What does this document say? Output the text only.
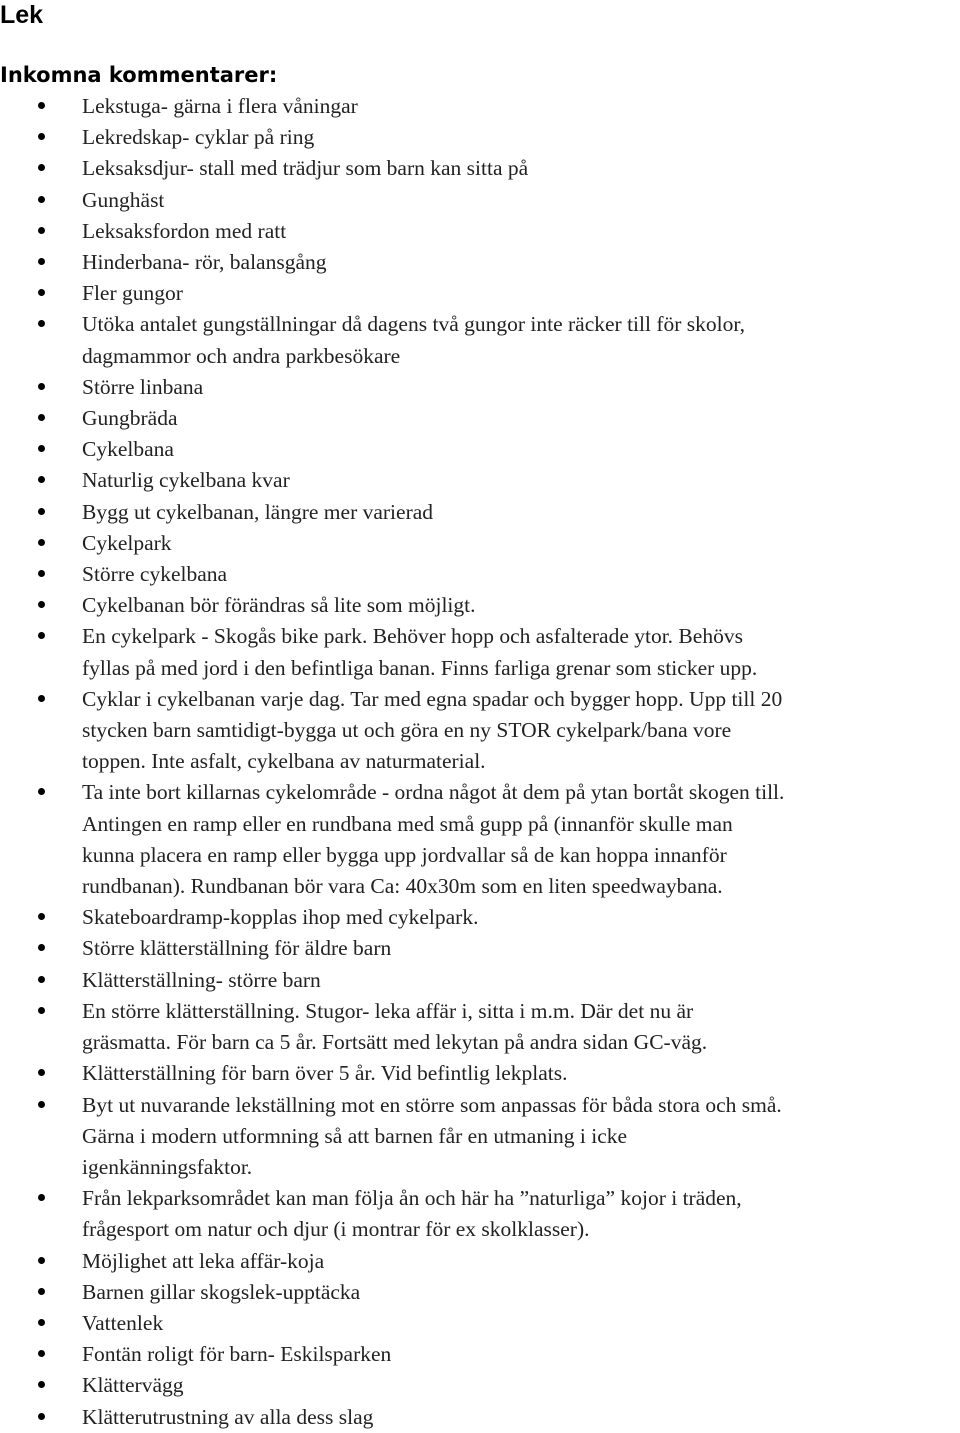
Lek
Inkomna kommentarer:
Lekstuga- gärna i flera våningar
Lekredskap- cyklar på ring
Leksaksdjur- stall med trädjur som barn kan sitta på
Gunghäst
Leksaksfordon med ratt
Hinderbana- rör, balansgång
Fler gungor
Utöka antalet gungställningar då dagens två gungor inte räcker till för skolor,
dagmammor och andra parkbesökare
Större linbana
Gungbräda
Cykelbana
Naturlig cykelbana kvar
Bygg ut cykelbanan, längre mer varierad
Cykelpark
Större cykelbana
Cykelbanan bör förändras så lite som möjligt.
En cykelpark - Skogås bike park. Behöver hopp och asfalterade ytor. Behövs
fyllas på med jord i den befintliga banan. Finns farliga grenar som sticker upp.
Cyklar i cykelbanan varje dag. Tar med egna spadar och bygger hopp. Upp till 20
stycken barn samtidigt-bygga ut och göra en ny STOR cykelpark/bana vore
toppen. Inte asfalt, cykelbana av naturmaterial.
Ta inte bort killarnas cykelområde - ordna något åt dem på ytan bortåt skogen till.
Antingen en ramp eller en rundbana med små gupp på (innanför skulle man
kunna placera en ramp eller bygga upp jordvallar så de kan hoppa innanför
rundbanan). Rundbanan bör vara Ca: 40x30m som en liten speedwaybana.
Skateboardramp-kopplas ihop med cykelpark.
Större klätterställning för äldre barn
Klätterställning- större barn
En större klätterställning. Stugor- leka affär i, sitta i m.m. Där det nu är
gräsmatta. För barn ca 5 år. Fortsätt med lekytan på andra sidan GC-väg.
Klätterställning för barn över 5 år. Vid befintlig lekplats.
Byt ut nuvarande lekställning mot en större som anpassas för båda stora och små.
Gärna i modern utformning så att barnen får en utmaning i icke
igenkänningsfaktor.
Från lekparksområdet kan man följa ån och här ha ”naturliga” kojor i träden,
frågesport om natur och djur (i montrar för ex skolklasser).
Möjlighet att leka affär-koja
Barnen gillar skogslek-upptäcka
Vattenlek
Fontän roligt för barn- Eskilsparken
Klättervägg
Klätterutrustning av alla dess slag
